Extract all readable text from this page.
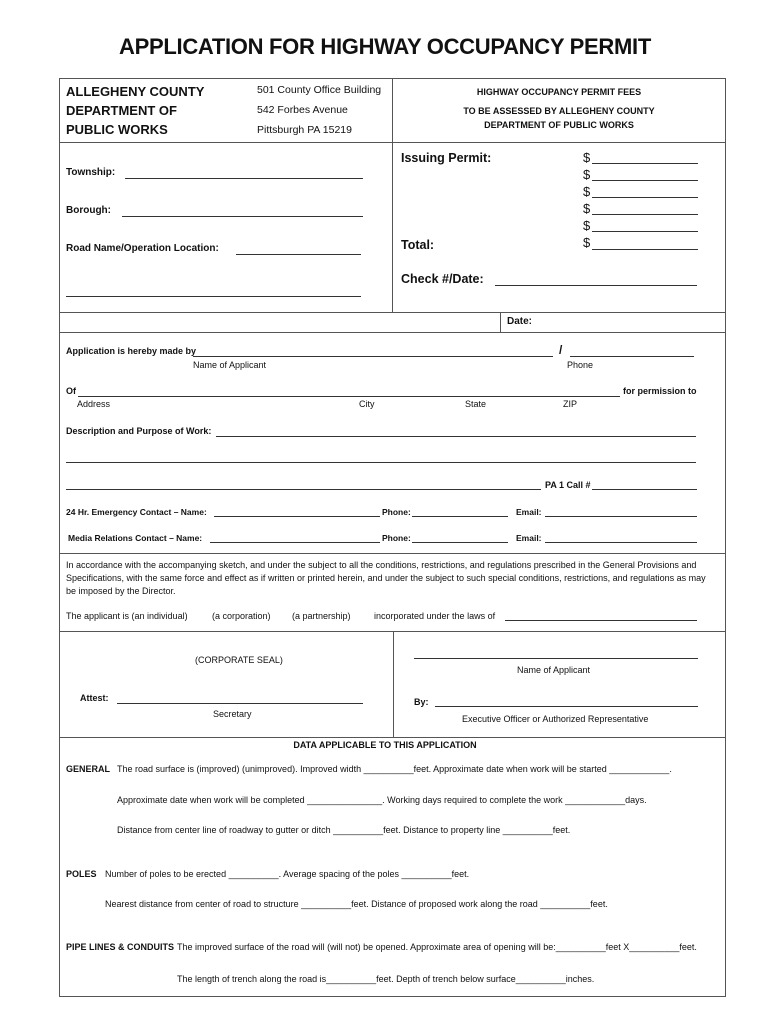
APPLICATION FOR HIGHWAY OCCUPANCY PERMIT
ALLEGHENY COUNTY
DEPARTMENT OF
PUBLIC WORKS
501 County Office Building
542 Forbes Avenue
Pittsburgh PA 15219
HIGHWAY OCCUPANCY PERMIT FEES
TO BE ASSESSED BY ALLEGHENY COUNTY
DEPARTMENT OF PUBLIC WORKS
Township:
Borough:
Road Name/Operation Location:
Issuing Permit:
Total:
Check #/Date:
$
$
$
$
$
$
Date:
Application is hereby made by
Name of Applicant
/
Phone
Of	for permission to
Address	City	State	ZIP
Description and Purpose of Work:
PA 1 Call #
24 Hr. Emergency Contact – Name:	Phone:	Email:
Media Relations Contact – Name:	Phone:	Email:
In accordance with the accompanying sketch, and under the subject to all the conditions, restrictions, and regulations prescribed in the General Provisions and Specifications, with the same force and effect as if written or printed herein, and under the subject to such special conditions, restrictions, and regulations as may be imposed by the Director.
The applicant is (an individual)	(a corporation) (a partnership)	incorporated under the laws of
(CORPORATE SEAL)
Attest:
Secretary
Name of Applicant
By:
Executive Officer or Authorized Representative
DATA APPLICABLE TO THIS APPLICATION
GENERAL The road surface is (improved) (unimproved). Improved width __________feet. Approximate date when work will be started ____________.
Approximate date when work will be completed _______________. Working days required to complete the work ____________days.
Distance from center line of roadway to gutter or ditch __________feet. Distance to property line __________feet.
POLES Number of poles to be erected __________. Average spacing of the poles __________feet.
Nearest distance from center of road to structure __________feet. Distance of proposed work along the road __________feet.
PIPE LINES & CONDUITS The improved surface of the road will (will not) be opened. Approximate area of opening will be:__________feet X__________feet.
The length of trench along the road is__________feet. Depth of trench below surface__________inches.
